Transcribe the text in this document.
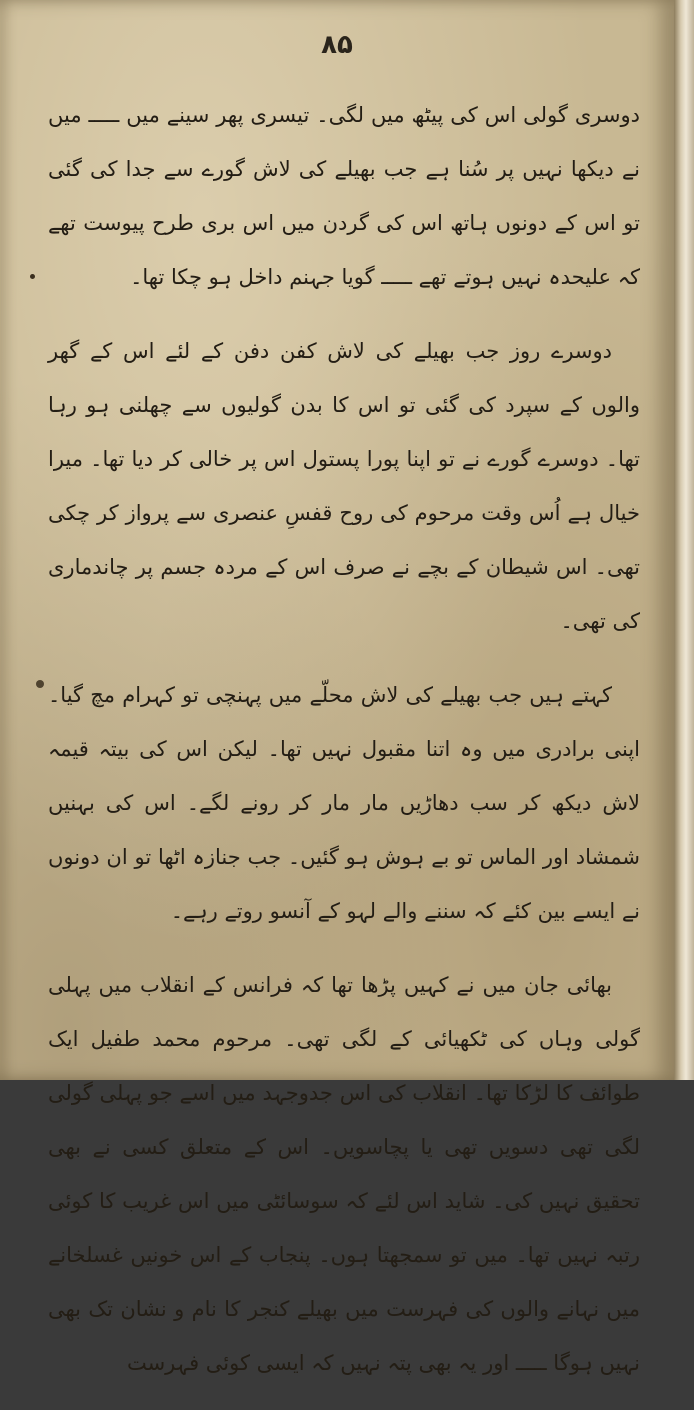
۸۵

دوسری گولی اس کی پیٹھ میں لگی۔ تیسری پھر سینے میں ـــــ میں نے دیکھا نہیں پر سُنا ہے جب بھیلے کی لاش گورے سے جدا کی گئی تو اس کے دونوں ہاتھ اس کی گردن میں اس بری طرح پیوست تھے کہ علیحدہ نہیں ہوتے تھے ـــــ گویا جہنم داخل ہو چکا تھا۔

دوسرے روز جب بھیلے کی لاش کفن دفن کے لئے اس کے گھر والوں کے سپرد کی گئی تو اس کا بدن گولیوں سے چھلنی ہو رہا تھا۔ دوسرے گورے نے تو اپنا پورا پستول اس پر خالی کر دیا تھا۔ میرا خیال ہے اُس وقت مرحوم کی روح قفسِ عنصری سے پرواز کر چکی تھی۔ اس شیطان کے بچے نے صرف اس کے مردہ جسم پر چاندماری کی تھی۔

کہتے ہیں جب بھیلے کی لاش محلّے میں پہنچی تو کہرام مچ گیا۔ اپنی برادری میں وہ اتنا مقبول نہیں تھا۔ لیکن اس کی بیتہ قیمہ لاش دیکھ کر سب دھاڑیں مار مار کر رونے لگے۔ اس کی بہنیں شمشاد اور الماس تو بے ہوش ہو گئیں۔ جب جنازہ اٹھا تو ان دونوں نے ایسے بین کئے کہ سننے والے لہو کے آنسو روتے رہے۔

بھائی جان میں نے کہیں پڑھا تھا کہ فرانس کے انقلاب میں پہلی گولی وہاں کی ٹکھیائی کے لگی تھی۔ مرحوم محمد طفیل ایک طوائف کا لڑکا تھا۔ انقلاب کی اس جدوجہد میں اسے جو پہلی گولی لگی تھی دسویں تھی یا پچاسویں۔ اس کے متعلق کسی نے بھی تحقیق نہیں کی۔ شاید اس لئے کہ سوسائٹی میں اس غریب کا کوئی رتبہ نہیں تھا۔ میں تو سمجھتا ہوں۔ پنجاب کے اس خونیں غسلخانے میں نہانے والوں کی فہرست میں بھیلے کنجر کا نام و نشان تک بھی نہیں ہوگا ـــــ اور یہ بھی پتہ نہیں کہ ایسی کوئی فہرست
